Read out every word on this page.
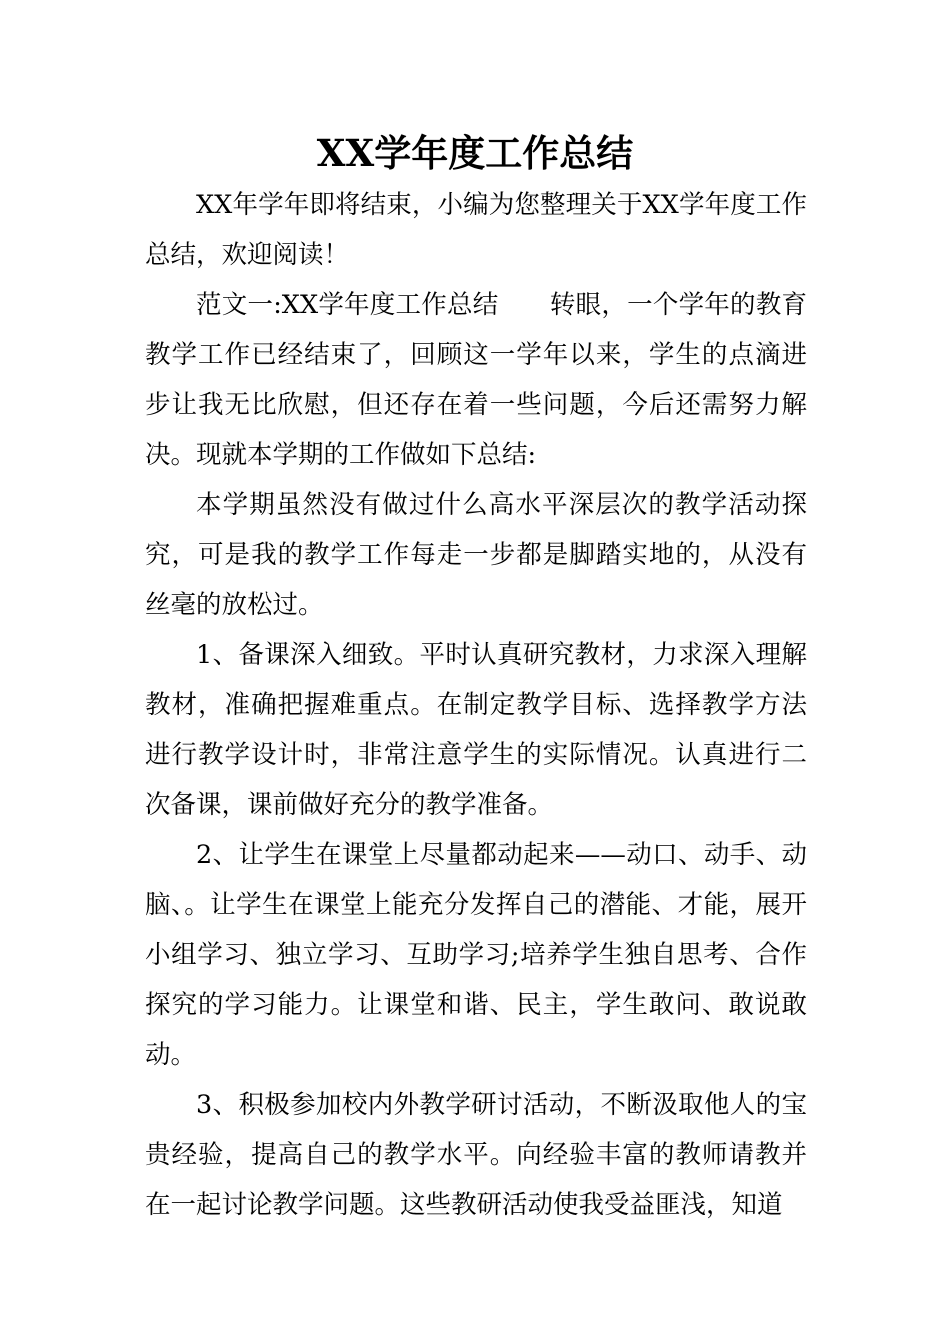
XX学年度工作总结

XX年学年即将结束，小编为您整理关于XX学年度工作总结，欢迎阅读！

范文一:XX学年度工作总结　　转眼，一个学年的教育教学工作已经结束了，回顾这一学年以来，学生的点滴进步让我无比欣慰，但还存在着一些问题，今后还需努力解决。现就本学期的工作做如下总结:

本学期虽然没有做过什么高水平深层次的教学活动探究，可是我的教学工作每走一步都是脚踏实地的，从没有丝毫的放松过。

1、备课深入细致。平时认真研究教材，力求深入理解教材，准确把握难重点。在制定教学目标、选择教学方法进行教学设计时，非常注意学生的实际情况。认真进行二次备课，课前做好充分的教学准备。

2、让学生在课堂上尽量都动起来——动口、动手、动脑、。让学生在课堂上能充分发挥自己的潜能、才能，展开小组学习、独立学习、互助学习;培养学生独自思考、合作探究的学习能力。让课堂和谐、民主，学生敢问、敢说敢动。

3、积极参加校内外教学研讨活动，不断汲取他人的宝贵经验，提高自己的教学水平。向经验丰富的教师请教并在一起讨论教学问题。这些教研活动使我受益匪浅，知道
